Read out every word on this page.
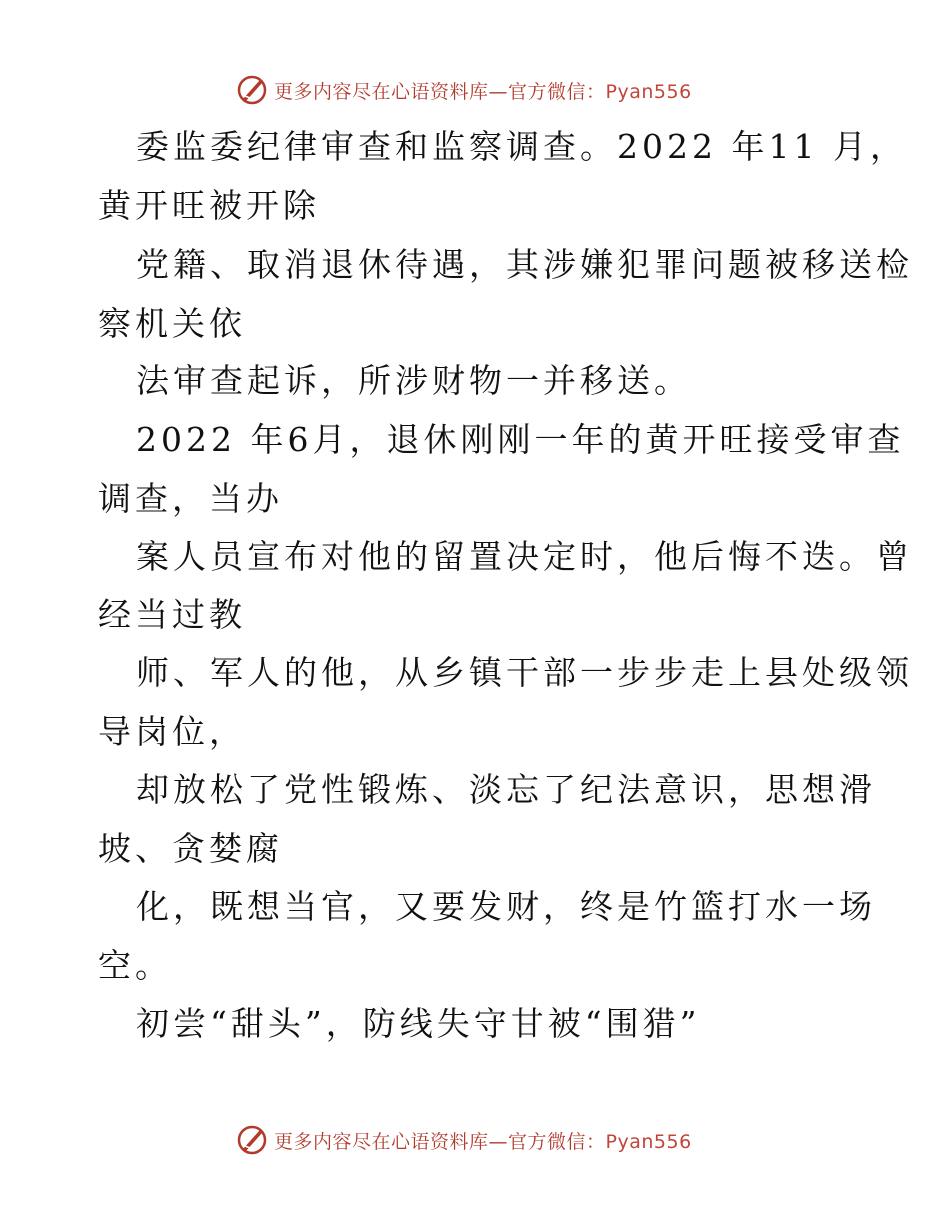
更多内容尽在心语资料库—官方微信：Pyan556
委监委纪律审查和监察调查。2022 年11 月，
黄开旺被开除
党籍、取消退休待遇，其涉嫌犯罪问题被移送检
察机关依
法审查起诉，所涉财物一并移送。
2022 年6月，退休刚刚一年的黄开旺接受审查
调查，当办
案人员宣布对他的留置决定时，他后悔不迭。曾
经当过教
师、军人的他，从乡镇干部一步步走上县处级领
导岗位，
却放松了党性锻炼、淡忘了纪法意识，思想滑
坡、贪婪腐
化，既想当官，又要发财，终是竹篮打水一场
空。
初尝“甜头”，防线失守甘被“围猎”
更多内容尽在心语资料库—官方微信：Pyan556
